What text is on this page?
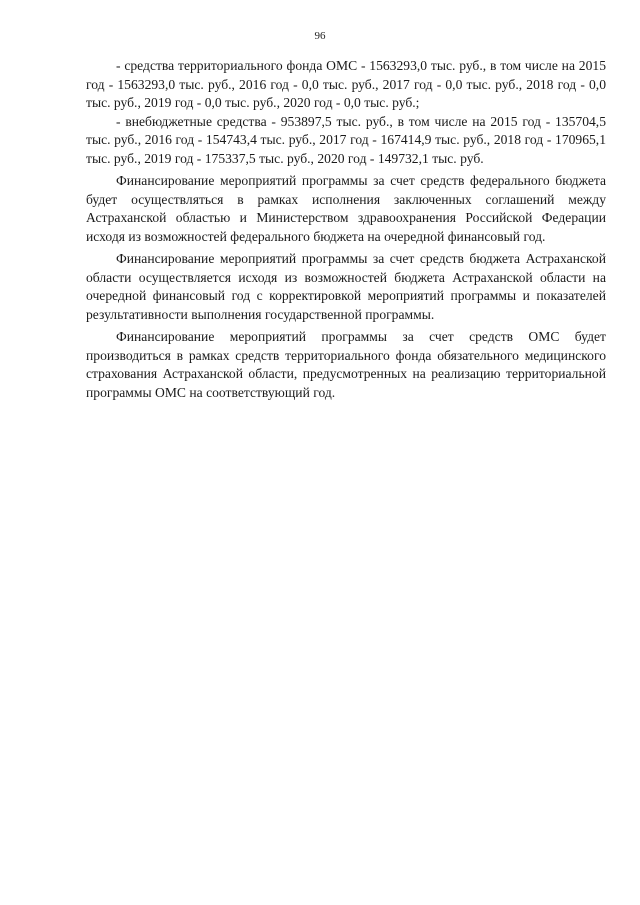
96

- средства территориального фонда ОМС - 1563293,0 тыс. руб., в том числе на 2015 год - 1563293,0 тыс. руб., 2016 год - 0,0 тыс. руб., 2017 год - 0,0 тыс. руб., 2018 год - 0,0 тыс. руб., 2019 год - 0,0 тыс. руб., 2020 год - 0,0 тыс. руб.;

- внебюджетные средства - 953897,5 тыс. руб., в том числе на 2015 год - 135704,5 тыс. руб., 2016 год - 154743,4 тыс. руб., 2017 год - 167414,9 тыс. руб., 2018 год - 170965,1 тыс. руб., 2019 год - 175337,5 тыс. руб., 2020 год - 149732,1 тыс. руб.

Финансирование мероприятий программы за счет средств федерального бюджета будет осуществляться в рамках исполнения заключенных соглашений между Астраханской областью и Министерством здравоохранения Российской Федерации исходя из возможностей федерального бюджета на очередной финансовый год.

Финансирование мероприятий программы за счет средств бюджета Астраханской области осуществляется исходя из возможностей бюджета Астраханской области на очередной финансовый год с корректировкой мероприятий программы и показателей результативности выполнения государственной программы.

Финансирование мероприятий программы за счет средств ОМС будет производиться в рамках средств территориального фонда обязательного медицинского страхования Астраханской области, предусмотренных на реализацию территориальной программы ОМС на соответствующий год.
